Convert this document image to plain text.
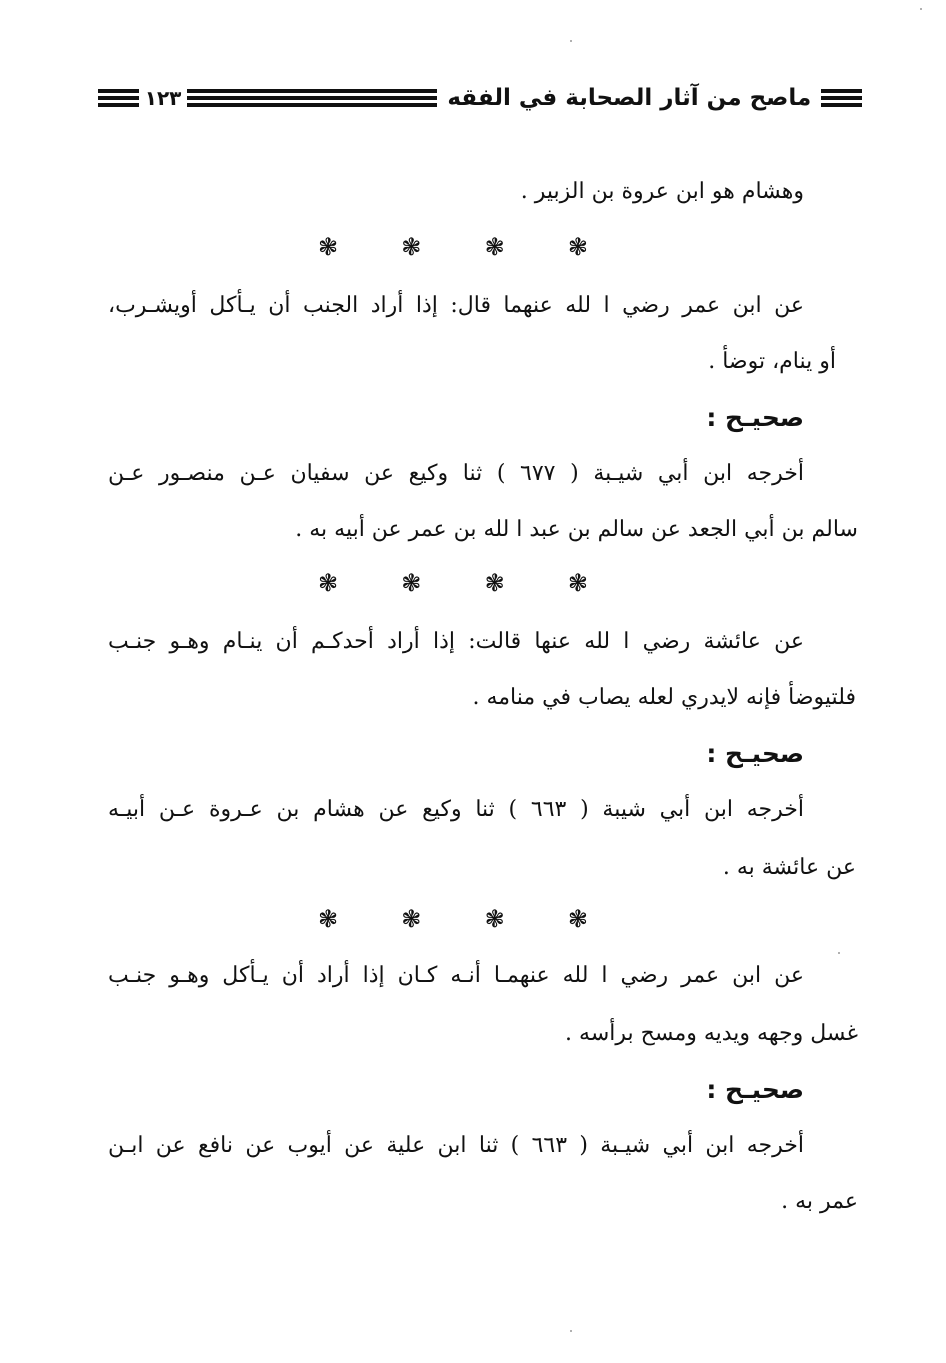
ماصح من آثار الصحابة في الفقه
١٢٣
وهشام هو ابن عروة بن الزبير .
❃	❃	❃	❃
عن ابن عمر رضي ا لله عنهما قال: إذا أراد الجنب أن يـأكل أويشـرب،
أو ينام، توضأ .
صحيـح :
أخرجه ابن أبي شيـبة ( ٦٧٧ ) ثنا وكيع عن سفيان عـن منصـور عـن
سالم بن أبي الجعد عن سالم بن عبد ا لله بن عمر عن أبيه به .
❃	❃	❃	❃
عن عائشة رضي ا لله عنها قالت: إذا أراد أحدكـم أن ينـام وهـو جنـب
فلتيوضأ فإنه لايدري لعله يصاب في منامه .
صحيـح :
أخرجه ابن أبي شيبة ( ٦٦٣ ) ثنا وكيع عن هشام بن عـروة عـن أبيـه
عن عائشة به .
❃	❃	❃	❃
عن ابن عمر رضي ا لله عنهمـا أنـه كـان إذا أراد أن يـأكل وهـو جنـب
غسل وجهه ويديه ومسح برأسه .
صحيـح :
أخرجه ابن أبي شيـبة ( ٦٦٣ ) ثنا ابن علية عن أيوب عن نافع عن ابـن
عمر به .
